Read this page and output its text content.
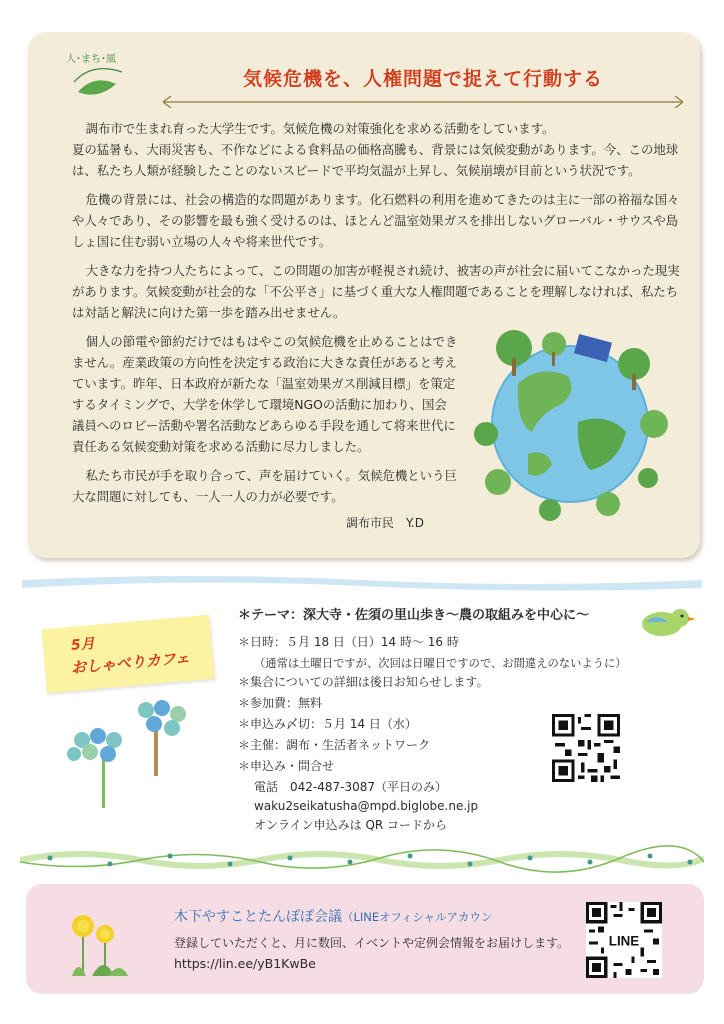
人･まち･風
気候危機を、人権問題で捉えて行動する

調布市で生まれ育った大学生です。気候危機の対策強化を求める活動をしています。
夏の猛暑も、大雨災害も、不作などによる食料品の価格高騰も、背景には気候変動があります。今、この地球は、私たち人類が経験したことのないスピードで平均気温が上昇し、気候崩壊が目前という状況です。

危機の背景には、社会の構造的な問題があります。化石燃料の利用を進めてきたのは主に一部の裕福な国々や人々であり、その影響を最も強く受けるのは、ほとんど温室効果ガスを排出しないグローバル・サウスや島しょ国に住む弱い立場の人々や将来世代です。

大きな力を持つ人たちによって、この問題の加害が軽視され続け、被害の声が社会に届いてこなかった現実があります。気候変動が社会的な「不公平さ」に基づく重大な人権問題であることを理解しなければ、私たちは対話と解決に向けた第一歩を踏み出せません。

個人の節電や節約だけではもはやこの気候危機を止めることはできません。産業政策の方向性を決定する政治に大きな責任があると考えています。昨年、日本政府が新たな「温室効果ガス削減目標」を策定するタイミングで、大学を休学して環境NGOの活動に加わり、国会議員へのロビー活動や署名活動などあらゆる手段を通して将来世代に責任ある気候変動対策を求める活動に尽力しました。

私たち市民が手を取り合って、声を届けていく。気候危機という巨大な問題に対しても、一人一人の力が必要です。

調布市民　Y.D
5月
おしゃべりカフェ
＊テーマ：深大寺・佐須の里山歩き〜農の取組みを中心に〜
＊日時：５月 18 日（日）14 時〜 16 時
（通常は土曜日ですが、次回は日曜日ですので、お間違えのないように）
＊集合についての詳細は後日お知らせします。
＊参加費：無料
＊申込み〆切：５月 14 日（水）
＊主催：調布・生活者ネットワーク
＊申込み・問合せ
電話　042-487-3087（平日のみ）
waku2seikatusha@mpd.biglobe.ne.jp
オンライン申込みは QR コードから
木下やすことたんぽぽ会議（LINEオフィシャルアカウン
登録していただくと、月に数回、イベントや定例会情報をお届けします。
https://lin.ee/yB1KwBe
LINE
